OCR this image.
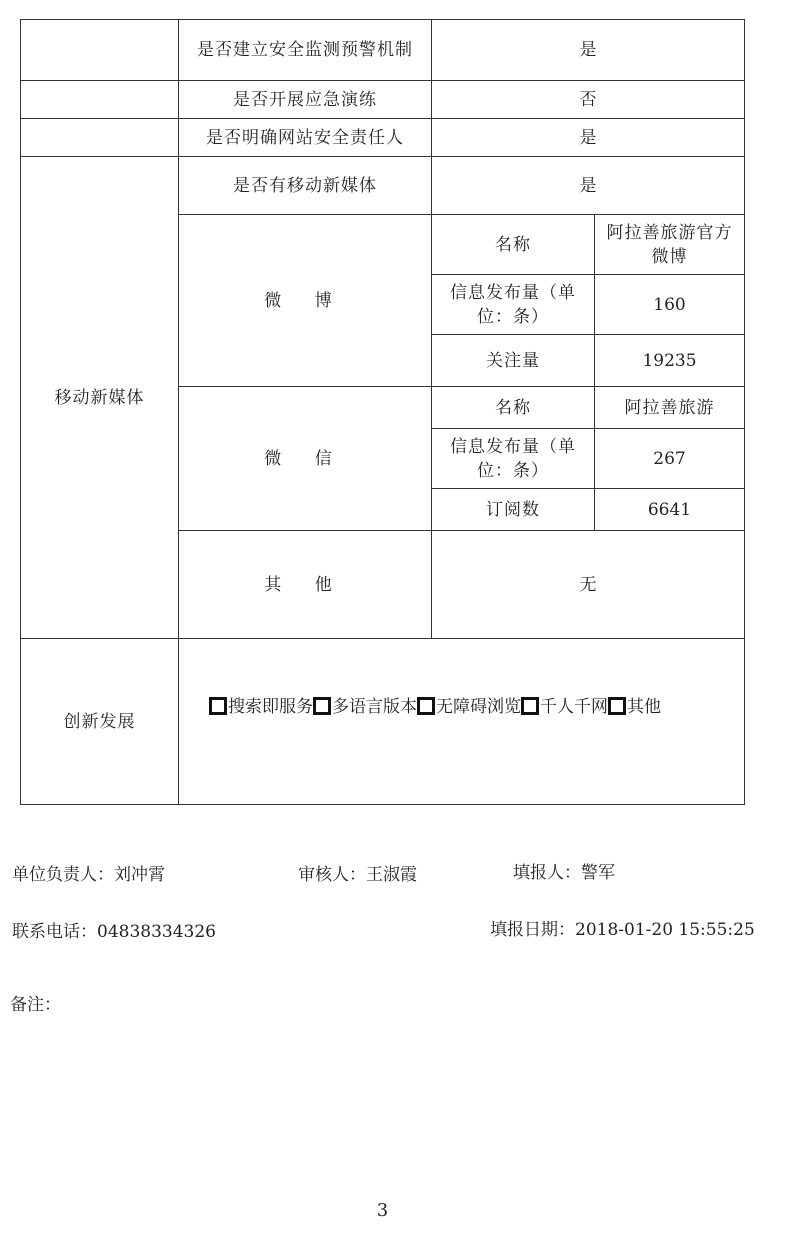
	是否建立安全监测预警机制	是	
	是否开展应急演练	否	
	是否明确网站安全责任人	是	
移动新媒体	是否有移动新媒体	是	
	微 博	名称	阿拉善旅游官方微博
		信息发布量（单位：条）	160
		关注量	19235
	微 信	名称	阿拉善旅游
		信息发布量（单位：条）	267
		订阅数	6641
	其 他	无	
创新发展	搜索即服务 多语言版本 无障碍浏览 千人千网 其他		
单位负责人：刘冲霄	审核人：王淑霞	填报人：警军
联系电话：04838334326	填报日期：2018-01-20 15:55:25
备注：
3
